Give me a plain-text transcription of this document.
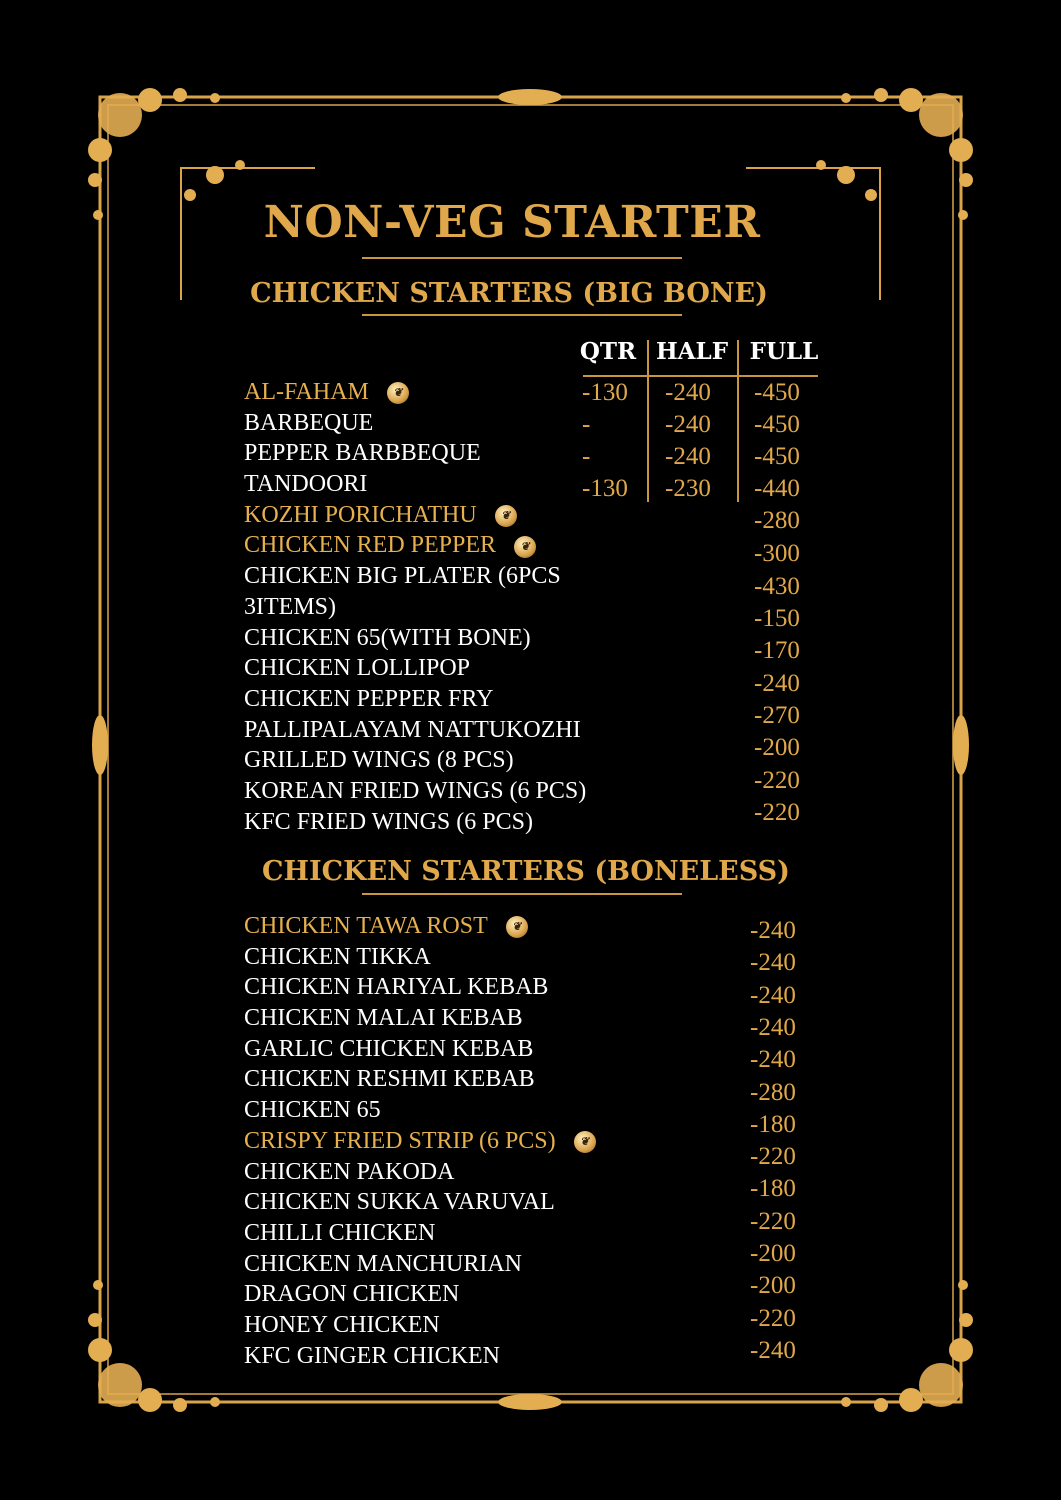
NON-VEG STARTER
CHICKEN STARTERS (BIG BONE)
QTR HALF FULL
AL-FAHAM ❦
BARBEQUE
PEPPER BARBBEQUE
TANDOORI
KOZHI PORICHATHU ❦
CHICKEN RED PEPPER ❦
CHICKEN BIG PLATER (6PCS
3ITEMS)
CHICKEN 65(WITH BONE)
CHICKEN LOLLIPOP
CHICKEN PEPPER FRY
PALLIPALAYAM NATTUKOZHI
GRILLED WINGS (8 PCS)
KOREAN FRIED WINGS (6 PCS)
KFC FRIED WINGS (6 PCS)
-130 -240 -450
-	-240 -450
-	-240 -450
-130 -230 -440
-280
-300
-430
-150
-170
-240
-270
-200
-220
-220
CHICKEN STARTERS (BONELESS)
CHICKEN TAWA ROST ❦
CHICKEN TIKKA
CHICKEN HARIYAL KEBAB
CHICKEN MALAI KEBAB
GARLIC CHICKEN KEBAB
CHICKEN RESHMI KEBAB
CHICKEN 65
CRISPY FRIED STRIP (6 PCS) ❦
CHICKEN PAKODA
CHICKEN SUKKA VARUVAL
CHILLI CHICKEN
CHICKEN MANCHURIAN
DRAGON CHICKEN
HONEY CHICKEN
KFC GINGER CHICKEN
-240
-240
-240
-240
-240
-280
-180
-220
-180
-220
-200
-200
-220
-240
